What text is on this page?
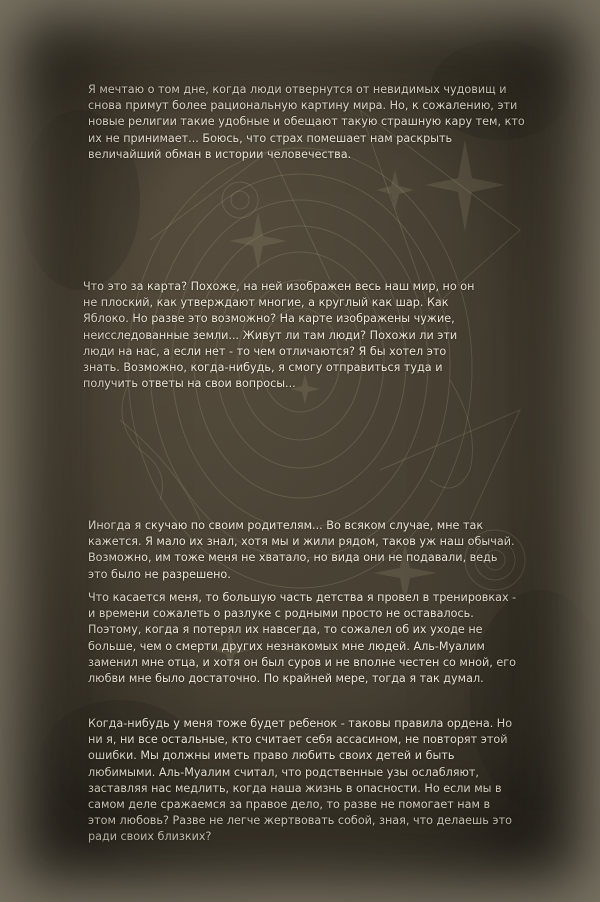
Я мечтаю о том дне, когда люди отвернутся от невидимых чудовищ и снова примут более рациональную картину мира. Но, к сожалению, эти новые религии такие удобные и обещают такую страшную кару тем, кто их не принимает... Боюсь, что страх помешает нам раскрыть величайший обман в истории человечества.

Что это за карта? Похоже, на ней изображен весь наш мир, но он не плоский, как утверждают многие, а круглый как шар. Как Яблоко. Но разве это возможно? На карте изображены чужие, неисследованные земли... Живут ли там люди? Похожи ли эти люди на нас, а если нет - то чем отличаются? Я бы хотел это знать. Возможно, когда-нибудь, я смогу отправиться туда и получить ответы на свои вопросы...

Иногда я скучаю по своим родителям... Во всяком случае, мне так кажется. Я мало их знал, хотя мы и жили рядом, таков уж наш обычай. Возможно, им тоже меня не хватало, но вида они не подавали, ведь это было не разрешено.

Что касается меня, то большую часть детства я провел в тренировках - и времени сожалеть о разлуке с родными просто не оставалось. Поэтому, когда я потерял их навсегда, то сожалел об их уходе не больше, чем о смерти других незнакомых мне людей. Аль-Муалим заменил мне отца, и хотя он был суров и не вполне честен со мной, его любви мне было достаточно. По крайней мере, тогда я так думал.

Когда-нибудь у меня тоже будет ребенок - таковы правила ордена. Но ни я, ни все остальные, кто считает себя ассасином, не повторят этой ошибки. Мы должны иметь право любить своих детей и быть любимыми. Аль-Муалим считал, что родственные узы ослабляют, заставляя нас медлить, когда наша жизнь в опасности. Но если мы в самом деле сражаемся за правое дело, то разве не помогает нам в этом любовь? Разве не легче жертвовать собой, зная, что делаешь это ради своих близких?
